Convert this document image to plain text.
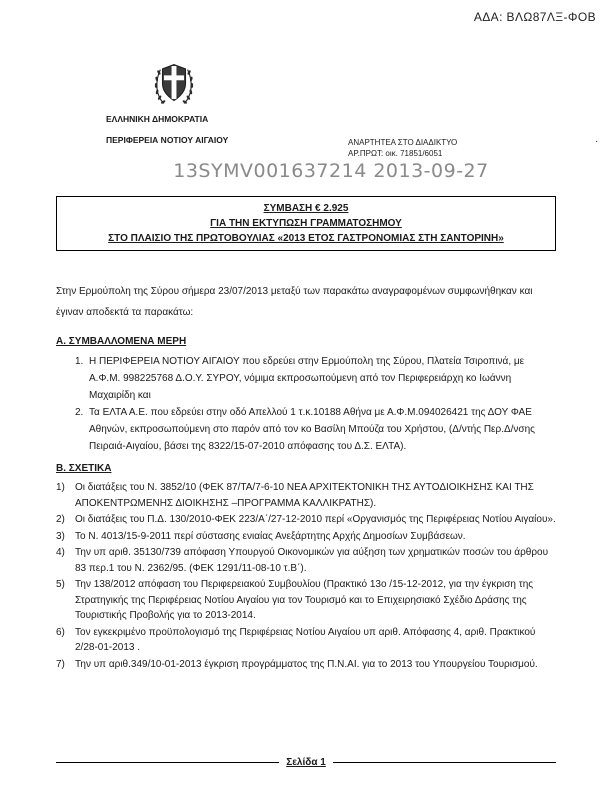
ΑΔΑ: ΒΛΩ87ΛΞ-ΦΟΒ
ΕΛΛΗΝΙΚΗ ΔΗΜΟΚΡΑΤΙΑ
ΠΕΡΙΦΕΡΕΙΑ ΝΟΤΙΟΥ ΑΙΓΑΙΟΥ	ΑΝΑΡΤΗΤΕΑ ΣΤΟ ΔΙΑΔΙΚΤΥΟ
ΑΡ.ΠΡΩΤ: οικ. 71851/6051
.
13SYMV001637214 2013-09-27
ΣΥΜΒΑΣΗ € 2.925
ΓΙΑ ΤΗΝ ΕΚΤΥΠΩΣΗ ΓΡΑΜΜΑΤΟΣΗΜΟΥ
ΣΤΟ ΠΛΑΙΣΙΟ ΤΗΣ ΠΡΩΤΟΒΟΥΛΙΑΣ «2013 ΕΤΟΣ ΓΑΣΤΡΟΝΟΜΙΑΣ ΣΤΗ ΣΑΝΤΟΡΙΝΗ»

Στην Ερμούπολη της Σύρου σήμερα 23/07/2013 μεταξύ των παρακάτω αναγραφομένων συμφωνήθηκαν και έγιναν αποδεκτά τα παρακάτω:

Α. ΣΥΜΒΑΛΛΟΜΕΝΑ ΜΕΡΗ
1. Η ΠΕΡΙΦΕΡΕΙΑ ΝΟΤΙΟΥ ΑΙΓΑΙΟΥ που εδρεύει στην Ερμούπολη της Σύρου, Πλατεία Τσιροπινά, με Α.Φ.Μ. 998225768 Δ.Ο.Υ. ΣΥΡΟΥ, νόμιμα εκπροσωπούμενη από τον Περιφερειάρχη κο Ιωάννη Μαχαιρίδη και
2. Τα ΕΛΤΑ Α.Ε. που εδρεύει στην οδό Απελλού 1 τ.κ.10188 Αθήνα με Α.Φ.Μ.094026421 της ΔΟΥ ΦΑΕ Αθηνών, εκπροσωπούμενη στο παρόν από τον κο Βασίλη Μπούζα του Χρήστου, (Δ/ντής Περ.Δ/νσης Πειραιά-Αιγαίου, βάσει της 8322/15-07-2010 απόφασης του Δ.Σ. ΕΛΤΑ).
Β. ΣΧΕΤΙΚΑ
1) Οι διατάξεις του Ν. 3852/10 (ΦΕΚ 87/ΤΑ/7-6-10 ΝΕΑ ΑΡΧΙΤΕΚΤΟΝΙΚΗ ΤΗΣ ΑΥΤΟΔΙΟΙΚΗΣΗΣ ΚΑΙ ΤΗΣ ΑΠΟΚΕΝΤΡΩΜΕΝΗΣ ΔΙΟΙΚΗΣΗΣ –ΠΡΟΓΡΑΜΜΑ ΚΑΛΛΙΚΡΑΤΗΣ).
2) Οι διατάξεις του Π.Δ. 130/2010-ΦΕΚ 223/Α΄/27-12-2010 περί «Οργανισμός της Περιφέρειας Νοτίου Αιγαίου».
3) Το Ν. 4013/15-9-2011 περί σύστασης ενιαίας Ανεξάρτητης Αρχής Δημοσίων Συμβάσεων.
4) Την υπ αριθ. 35130/739 απόφαση Υπουργού Οικονομικών για αύξηση των χρηματικών ποσών του άρθρου 83 περ.1 του Ν. 2362/95. (ΦΕΚ 1291/11-08-10 τ.Β΄).
5) Την 138/2012 απόφαση του Περιφερειακού Συμβουλίου (Πρακτικό 13ο /15-12-2012, για την έγκριση της Στρατηγικής της Περιφέρειας Νοτίου Αιγαίου για τον Τουρισμό και το Επιχειρησιακό Σχέδιο Δράσης της Τουριστικής Προβολής για το 2013-2014.
6) Τον εγκεκριμένο προϋπολογισμό της Περιφέρειας Νοτίου Αιγαίου υπ αριθ. Απόφασης 4, αριθ. Πρακτικού 2/28-01-2013 .
7) Την υπ αριθ.349/10-01-2013 έγκριση προγράμματος της Π.Ν.ΑΙ. για το 2013 του Υπουργείου Τουρισμού.
Σελίδα 1
